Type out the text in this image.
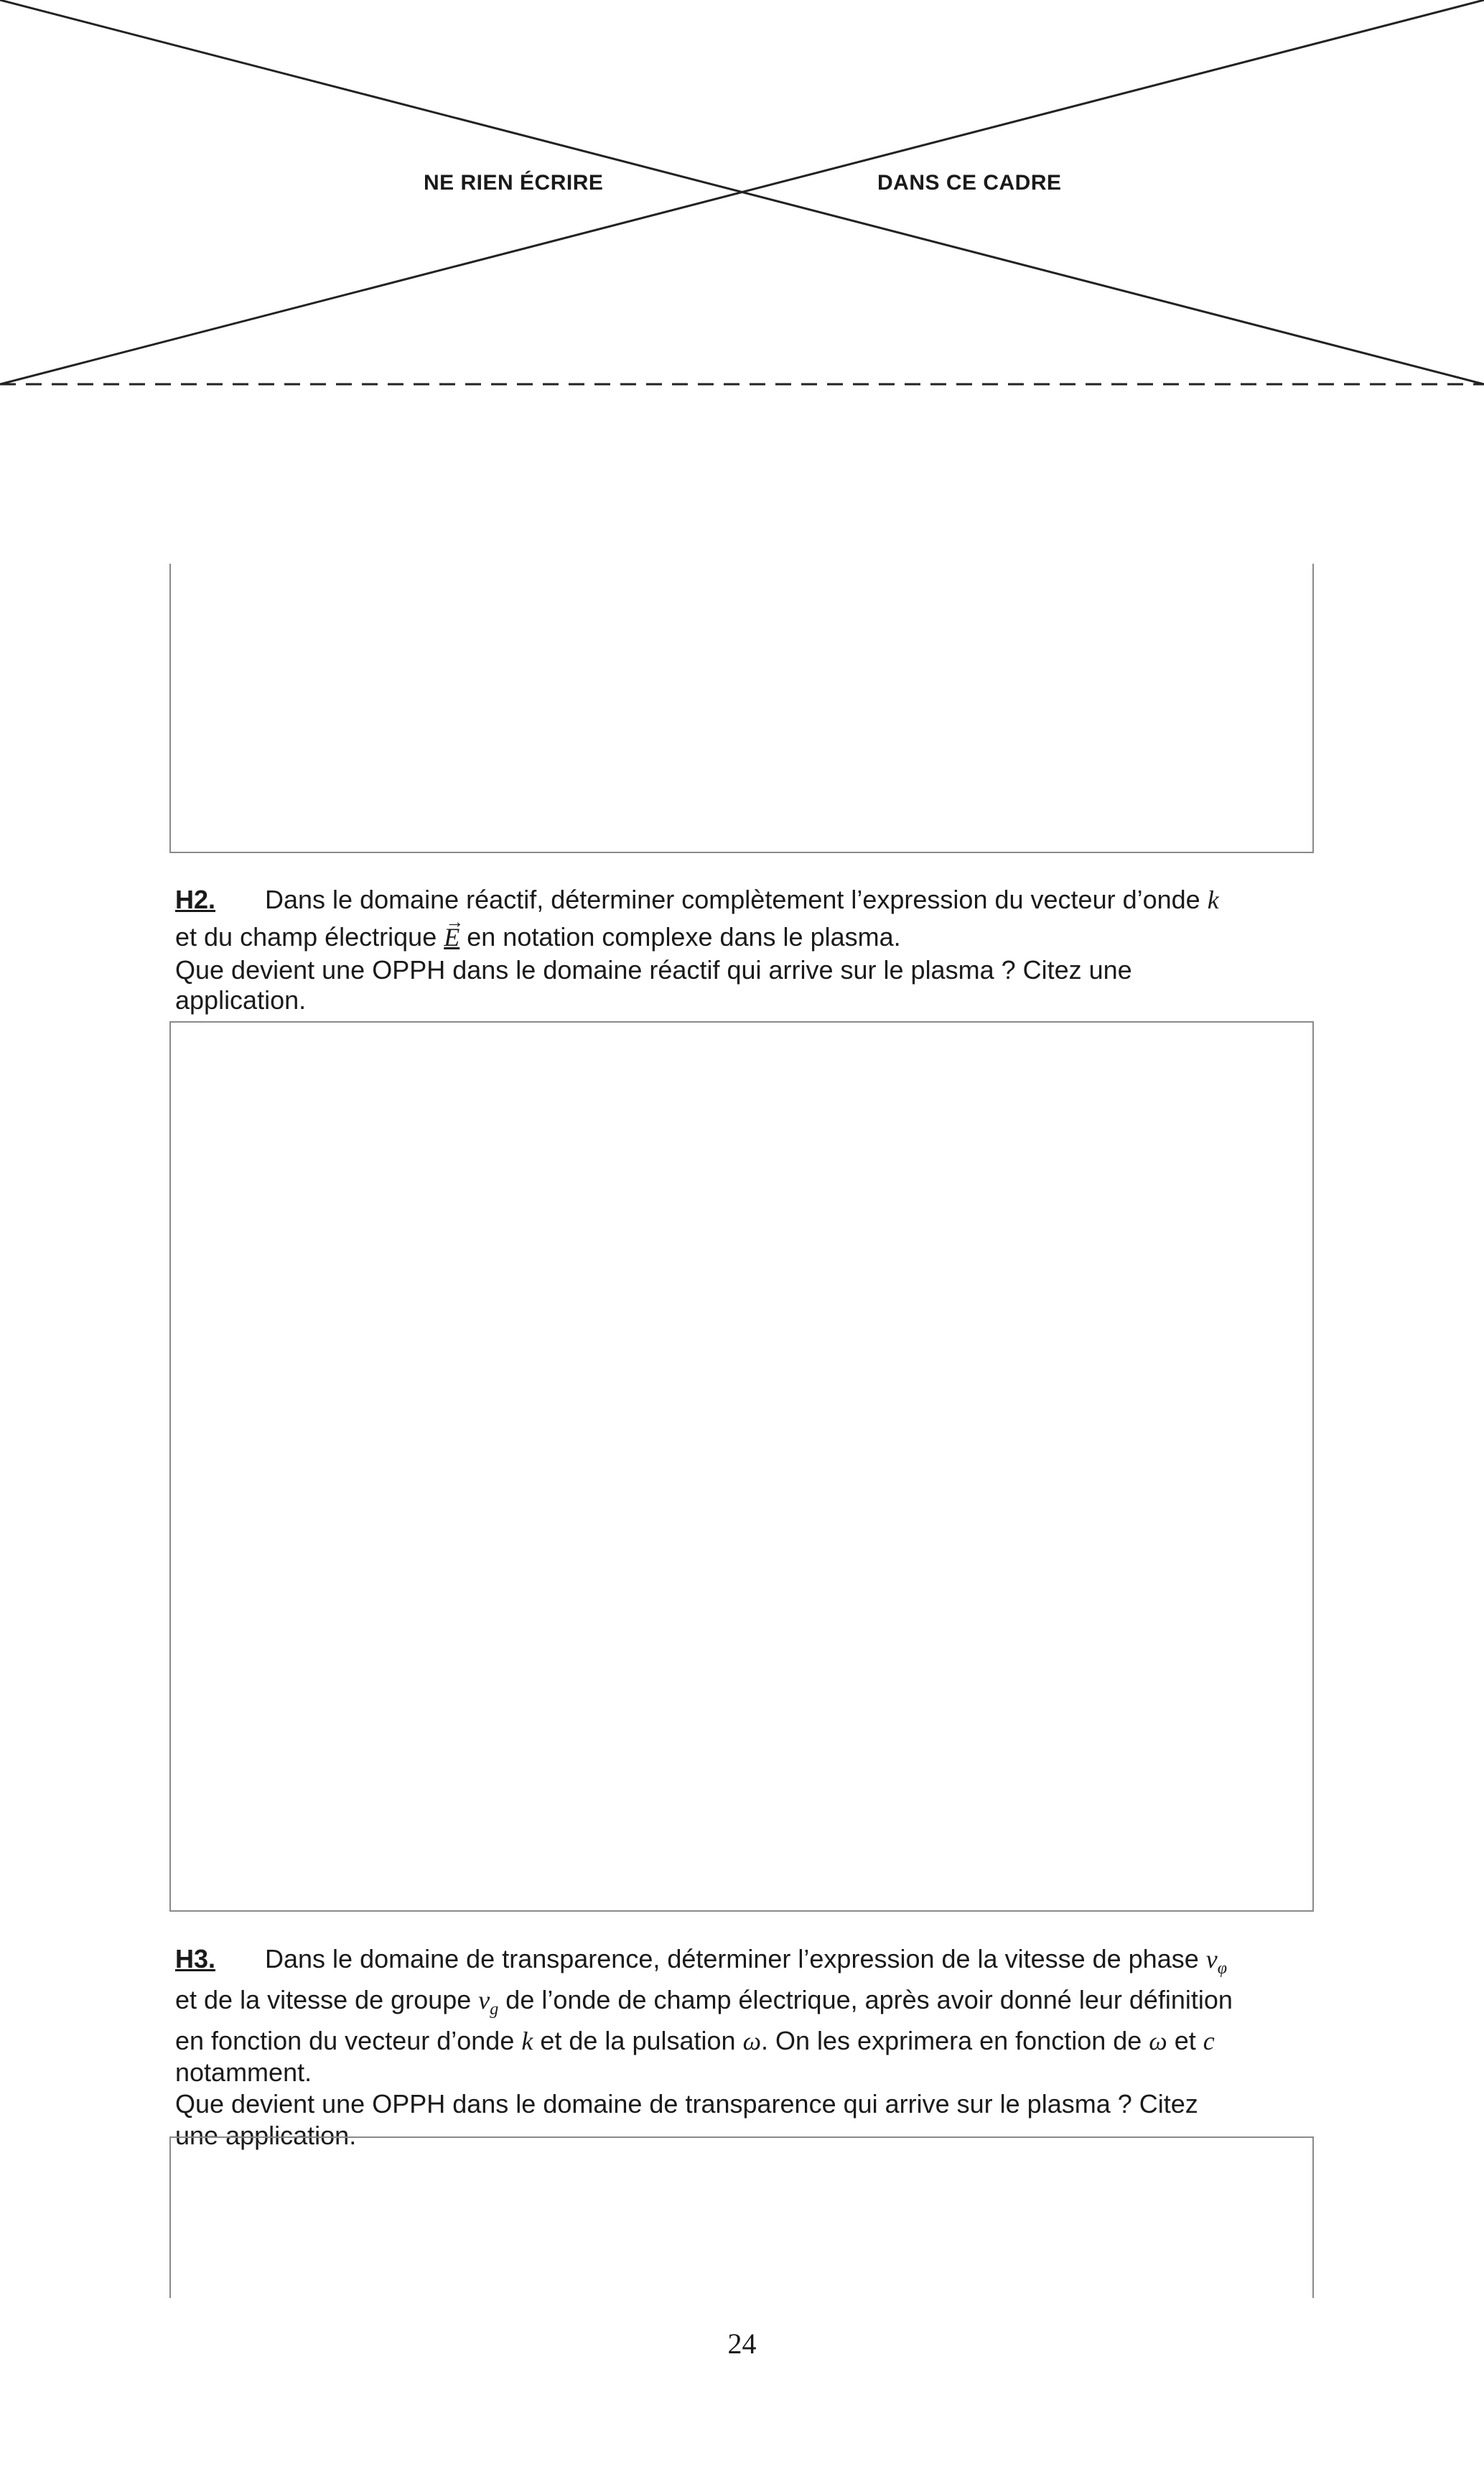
NE RIEN ÉCRIRE	DANS CE CADRE

H2. Dans le domaine réactif, déterminer complètement l’expression du vecteur d’onde k

et du champ électrique → E en notation complexe dans le plasma.

Que devient une OPPH dans le domaine réactif qui arrive sur le plasma ? Citez une

application.

H3. Dans le domaine de transparence, déterminer l’expression de la vitesse de phase $v_\varphi$

et de la vitesse de groupe $v_g$ de l’onde de champ électrique, après avoir donné leur définition

en fonction du vecteur d’onde k et de la pulsation ω. On les exprimera en fonction de ω et c

notamment.

Que devient une OPPH dans le domaine de transparence qui arrive sur le plasma ? Citez

une application.

24
